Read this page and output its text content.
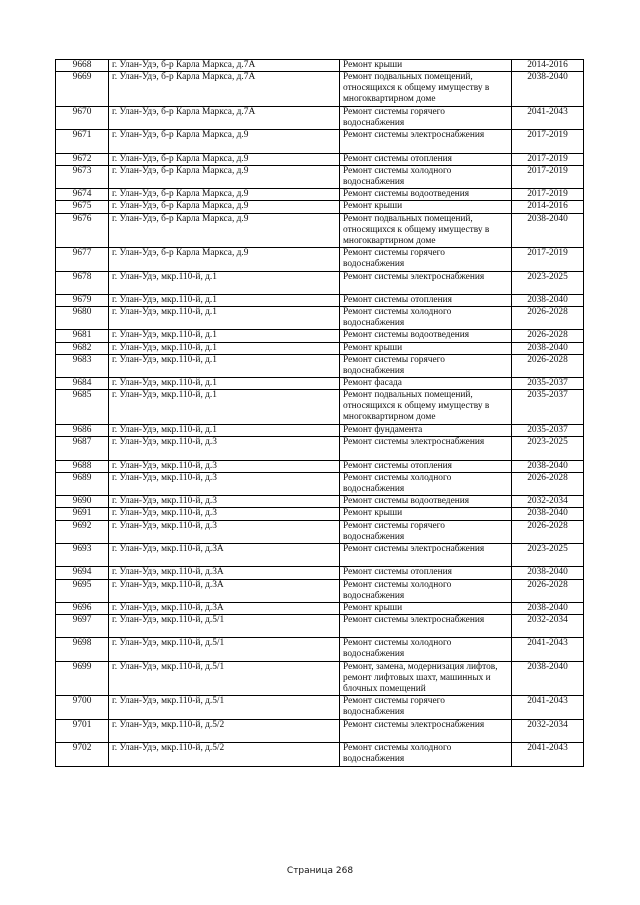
9668	г. Улан-Удэ, б-р Карла Маркса, д.7А	Ремонт крыши	2014-2016
9669	г. Улан-Удэ, б-р Карла Маркса, д.7А	Ремонт подвальных помещений, относящихся к общему имуществу в многоквартирном доме	2038-2040
9670	г. Улан-Удэ, б-р Карла Маркса, д.7А	Ремонт системы горячего водоснабжения	2041-2043
9671	г. Улан-Удэ, б-р Карла Маркса, д.9	Ремонт системы электроснабжения	2017-2019
9672	г. Улан-Удэ, б-р Карла Маркса, д.9	Ремонт системы отопления	2017-2019
9673	г. Улан-Удэ, б-р Карла Маркса, д.9	Ремонт системы холодного водоснабжения	2017-2019
9674	г. Улан-Удэ, б-р Карла Маркса, д.9	Ремонт системы водоотведения	2017-2019
9675	г. Улан-Удэ, б-р Карла Маркса, д.9	Ремонт крыши	2014-2016
9676	г. Улан-Удэ, б-р Карла Маркса, д.9	Ремонт подвальных помещений, относящихся к общему имуществу в многоквартирном доме	2038-2040
9677	г. Улан-Удэ, б-р Карла Маркса, д.9	Ремонт системы горячего водоснабжения	2017-2019
9678	г. Улан-Удэ, мкр.110-й, д.1	Ремонт системы электроснабжения	2023-2025
9679	г. Улан-Удэ, мкр.110-й, д.1	Ремонт системы отопления	2038-2040
9680	г. Улан-Удэ, мкр.110-й, д.1	Ремонт системы холодного водоснабжения	2026-2028
9681	г. Улан-Удэ, мкр.110-й, д.1	Ремонт системы водоотведения	2026-2028
9682	г. Улан-Удэ, мкр.110-й, д.1	Ремонт крыши	2038-2040
9683	г. Улан-Удэ, мкр.110-й, д.1	Ремонт системы горячего водоснабжения	2026-2028
9684	г. Улан-Удэ, мкр.110-й, д.1	Ремонт фасада	2035-2037
9685	г. Улан-Удэ, мкр.110-й, д.1	Ремонт подвальных помещений, относящихся к общему имуществу в многоквартирном доме	2035-2037
9686	г. Улан-Удэ, мкр.110-й, д.1	Ремонт фундамента	2035-2037
9687	г. Улан-Удэ, мкр.110-й, д.3	Ремонт системы электроснабжения	2023-2025
9688	г. Улан-Удэ, мкр.110-й, д.3	Ремонт системы отопления	2038-2040
9689	г. Улан-Удэ, мкр.110-й, д.3	Ремонт системы холодного водоснабжения	2026-2028
9690	г. Улан-Удэ, мкр.110-й, д.3	Ремонт системы водоотведения	2032-2034
9691	г. Улан-Удэ, мкр.110-й, д.3	Ремонт крыши	2038-2040
9692	г. Улан-Удэ, мкр.110-й, д.3	Ремонт системы горячего водоснабжения	2026-2028
9693	г. Улан-Удэ, мкр.110-й, д.3А	Ремонт системы электроснабжения	2023-2025
9694	г. Улан-Удэ, мкр.110-й, д.3А	Ремонт системы отопления	2038-2040
9695	г. Улан-Удэ, мкр.110-й, д.3А	Ремонт системы холодного водоснабжения	2026-2028
9696	г. Улан-Удэ, мкр.110-й, д.3А	Ремонт крыши	2038-2040
9697	г. Улан-Удэ, мкр.110-й, д.5/1	Ремонт системы электроснабжения	2032-2034
9698	г. Улан-Удэ, мкр.110-й, д.5/1	Ремонт системы холодного водоснабжения	2041-2043
9699	г. Улан-Удэ, мкр.110-й, д.5/1	Ремонт, замена, модернизация лифтов, ремонт лифтовых шахт, машинных и блочных помещений	2038-2040
9700	г. Улан-Удэ, мкр.110-й, д.5/1	Ремонт системы горячего водоснабжения	2041-2043
9701	г. Улан-Удэ, мкр.110-й, д.5/2	Ремонт системы электроснабжения	2032-2034
9702	г. Улан-Удэ, мкр.110-й, д.5/2	Ремонт системы холодного водоснабжения	2041-2043
Страница 268
